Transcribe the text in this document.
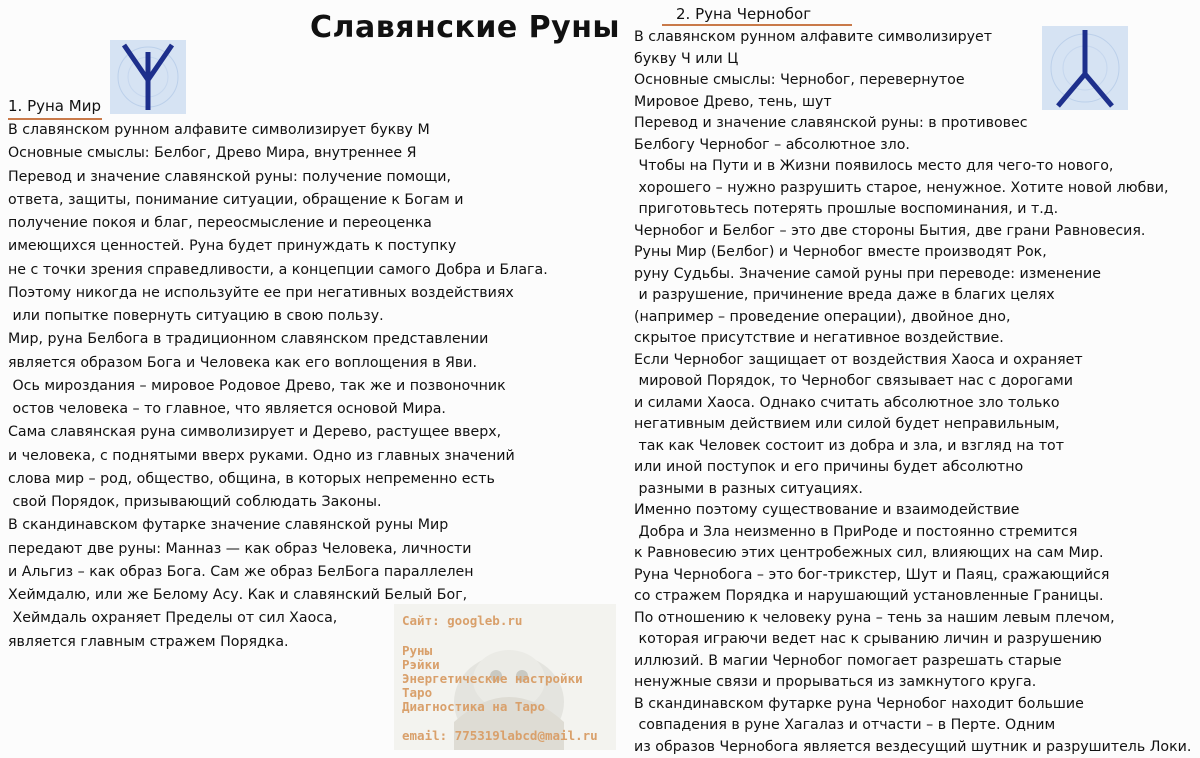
Славянские Руны
1. Руна Мир
В славянском рунном алфавите символизирует букву М
Основные смыслы: Белбог, Древо Мира, внутреннее Я
Перевод и значение славянской руны: получение помощи,
ответа, защиты, понимание ситуации, обращение к Богам и
получение покоя и благ, переосмысление и переоценка
имеющихся ценностей. Руна будет принуждать к поступку
не с точки зрения справедливости, а концепции самого Добра и Блага.
Поэтому никогда не используйте ее при негативных воздействиях
или попытке повернуть ситуацию в свою пользу.
Мир, руна Белбога в традиционном славянском представлении
является образом Бога и Человека как его воплощения в Яви.
Ось мироздания – мировое Родовое Древо, так же и позвоночник
остов человека – то главное, что является основой Мира.
Сама славянская руна символизирует и Дерево, растущее вверх,
и человека, с поднятыми вверх руками. Одно из главных значений
слова мир – род, общество, община, в которых непременно есть
свой Порядок, призывающий соблюдать Законы.
В скандинавском футарке значение славянской руны Мир
передают две руны: Манназ — как образ Человека, личности
и Альгиз – как образ Бога. Сам же образ БелБога параллелен
Хеймдалю, или же Белому Асу. Как и славянский Белый Бог,
Хеймдаль охраняет Пределы от сил Хаоса,
является главным стражем Порядка.
2. Руна Чернобог
В славянском рунном алфавите символизирует
букву Ч или Ц
Основные смыслы: Чернобог, перевернутое
Мировое Древо, тень, шут
Перевод и значение славянской руны: в противовес
Белбогу Чернобог – абсолютное зло.
Чтобы на Пути и в Жизни появилось место для чего-то нового,
хорошего – нужно разрушить старое, ненужное. Хотите новой любви,
приготовьтесь потерять прошлые воспоминания, и т.д.
Чернобог и Белбог – это две стороны Бытия, две грани Равновесия.
Руны Мир (Белбог) и Чернобог вместе производят Рок,
руну Судьбы. Значение самой руны при переводе: изменение
и разрушение, причинение вреда даже в благих целях
(например – проведение операции), двойное дно,
скрытое присутствие и негативное воздействие.
Если Чернобог защищает от воздействия Хаоса и охраняет
мировой Порядок, то Чернобог связывает нас с дорогами
и силами Хаоса. Однако считать абсолютное зло только
негативным действием или силой будет неправильным,
так как Человек состоит из добра и зла, и взгляд на тот
или иной поступок и его причины будет абсолютно
разными в разных ситуациях.
Именно поэтому существование и взаимодействие
Добра и Зла неизменно в ПриРоде и постоянно стремится
к Равновесию этих центробежных сил, влияющих на сам Мир.
Руна Чернобога – это бог-трикстер, Шут и Паяц, сражающийся
со стражем Порядка и нарушающий установленные Границы.
По отношению к человеку руна – тень за нашим левым плечом,
которая играючи ведет нас к срыванию личин и разрушению
иллюзий. В магии Чернобог помогает разрешать старые
ненужные связи и прорываться из замкнутого круга.
В скандинавском футарке руна Чернобог находит большие
совпадения в руне Хагалаз и отчасти – в Перте. Одним
из образов Чернобога является вездесущий шутник и разрушитель Локи.
Сайт: googleb.ru
Руны
Рэйки
Энергетические настройки
Таро
Диагностика на Таро
email: 775319labcd@mail.ru
